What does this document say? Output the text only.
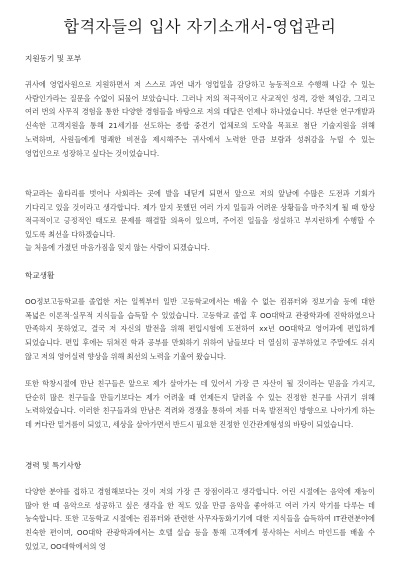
합격자들의 입사 자기소개서-영업관리
지원동기 및 포부

귀사에 영업사원으로 지원하면서 저 스스로 과연 내가 영업일을 감당하고 능동적으로 수행해 나갈 수 있는 사람인가라는 질문을 수없이 되물어 보았습니다. 그러나 저의 적극적이고 사교적인 성격, 강한 책임감, 그리고 여러 번의 사무직 경험을 통한 다양한 경험들을 바탕으로 저의 대답은 언제나 하나였습니다. 부단한 연구개발과 신속한 고객지원을 통해 21세기를 선도하는 종합 중견기 업체로의 도약을 목표로 첨단 기술지원을 위해 노력하며, 사원들에게 명쾌한 비전을 제시해주는 귀사에서 노력한 만큼 보람과 성취감을 누릴 수 있는 영업인으로 성장하고 싶다는 것이었습니다.

학교라는 울타리를 벗어나 사회라는 곳에 발을 내딛게 되면서 앞으로 저의 앞날에 수많은 도전과 기회가 기다리고 있을 것이라고 생각합니다. 제가 알지 못했던 여러 가지 일들과 어려운 상황들을 마주치게 될 때 항상 적극적이고 긍정적인 태도로 문제를 해결할 의욕이 있으며, 주어진 일들을 성실하고 부지런하게 수행할 수 있도록 최선을 다하겠습니다.

늘 처음에 가졌던 마음가짐을 잊지 않는 사람이 되겠습니다.

학교생활

OO정보고등학교를 졸업한 저는 일찍부터 일반 고등학교에서는 배울 수 없는 컴퓨터와 정보기술 등에 대한 폭넓은 이론적·실무적 지식들을 습득할 수 있었습니다. 고등학교 졸업 후 OO대학교 관광학과에 진학하였으나 만족하지 못하였고, 결국 저 자신의 발전을 위해 편입시험에 도전하여 xx년 OO대학교 영어과에 편입하게 되었습니다. 편입 후에는 뒤쳐진 학과 공부를 만회하기 위하여 남들보다 더 열심히 공부하였고 주말에도 쉬지 않고 저의 영어실력 향상을 위해 최선의 노력을 기울여 왔습니다.

또한 학창시절에 만난 친구들은 앞으로 제가 살아가는 데 있어서 가장 큰 자산이 될 것이라는 믿음을 가지고, 단순히 많은 친구들을 만들기보다는 제가 어려울 때 언제든지 달려올 수 있는 진정한 친구를 사귀기 위해 노력하였습니다. 이러한 친구들과의 만남은 격려와 경쟁을 통하여 저를 더욱 발전적인 방향으로 나아가게 하는 데 커다란 밑거름이 되었고, 세상을 살아가면서 반드시 필요한 진정한 인간관계형성의 바탕이 되었습니다.

경력 및 특기사항

다양한 분야를 접하고 경험해보다는 것이 저의 가장 큰 장점이라고 생각합니다. 어린 시절에는 음악에 재능이 많아 한 때 음악으로 성공하고 싶은 생각을 한 적도 있을 만큼 음악을 좋아하고 여러 가지 악기를 다루는 데 능숙합니다. 또한 고등학교 시절에는 컴퓨터와 관련한 사무자동화기기에 대한 지식들을 습득하여 IT관련분야에 친숙한 편이며, OO대학 관광학과에서는 호텔 실습 등을 통해 고객에게 봉사하는 서비스 마인드를 배울 수 있었고, OO대학에서의 영
